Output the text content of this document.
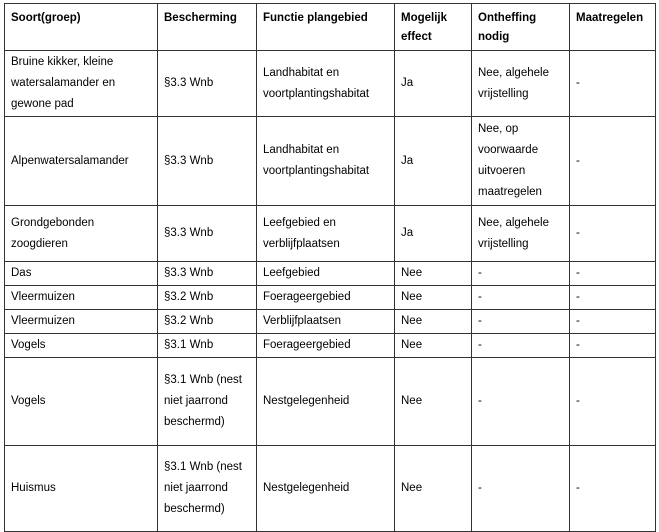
Soort(groep)	Bescherming	Functie plangebied	Mogelijk effect	Ontheffing nodig	Maatregelen
Bruine kikker, kleine watersalamander en gewone pad	§3.3 Wnb	Landhabitat en voortplantingshabitat	Ja	Nee, algehele vrijstelling	-
Alpenwatersalamander	§3.3 Wnb	Landhabitat en voortplantingshabitat	Ja	Nee, op voorwaarde uitvoeren maatregelen	-
Grondgebonden zoogdieren	§3.3 Wnb	Leefgebied en verblijfplaatsen	Ja	Nee, algehele vrijstelling	-
Das	§3.3 Wnb	Leefgebied	Nee	-	-
Vleermuizen	§3.2 Wnb	Foerageergebied	Nee	-	-
Vleermuizen	§3.2 Wnb	Verblijfplaatsen	Nee	-	-
Vogels	§3.1 Wnb	Foerageergebied	Nee	-	-
Vogels	§3.1 Wnb (nest niet jaarrond beschermd)	Nestgelegenheid	Nee	-	-
Huismus	§3.1 Wnb (nest niet jaarrond beschermd)	Nestgelegenheid	Nee	-	-
